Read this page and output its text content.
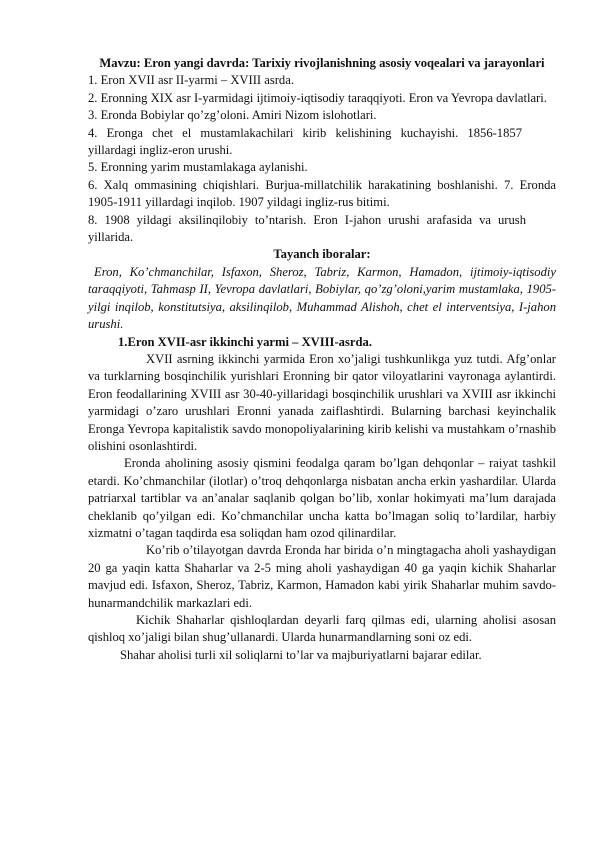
Mavzu: Eron yangi davrda: Tarixiy rivojlanishning asosiy voqealari va jarayonlari

1. Eron XVII asr II-yarmi – XVIII asrda.

2. Eronning XIX asr I-yarmidagi ijtimoiy-iqtisodiy taraqqiyoti. Eron va Yevropa davlatlari.

3. Eronda Bobiylar qo’zg’oloni. Amiri Nizom islohotlari.

4. Eronga chet el mustamlakachilari kirib kelishining kuchayishi. 1856-1857 yillardagi ingliz-eron urushi.

5. Eronning yarim mustamlakaga aylanishi.

6. Xalq ommasining chiqishlari. Burjua-millatchilik harakatining boshlanishi. 7. Eronda 1905-1911 yillardagi inqilob. 1907 yildagi ingliz-rus bitimi.

8. 1908 yildagi aksilinqilobiy to’ntarish. Eron I-jahon urushi arafasida va urush yillarida.

Tayanch iboralar:

Eron, Ko’chmanchilar, Isfaxon, Sheroz, Tabriz, Karmon, Hamadon, ijtimoiy-iqtisodiy taraqqiyoti, Tahmasp II, Yevropa davlatlari, Bobiylar, qo’zg’oloni,yarim mustamlaka, 1905-yilgi inqilob, konstitutsiya, aksilinqilob, Muhammad Alishoh, chet el interventsiya, I-jahon urushi.

1.Eron XVII-asr ikkinchi yarmi – XVIII-asrda.

XVII asrning ikkinchi yarmida Eron xo’jaligi tushkunlikga yuz tutdi. Afg’onlar va turklarning bosqinchilik yurishlari Eronning bir qator viloyatlarini vayronaga aylantirdi. Eron feodallarining XVIII asr 30-40-yillaridagi bosqinchilik urushlari va XVIII asr ikkinchi yarmidagi o’zaro urushlari Eronni yanada zaiflashtirdi. Bularning barchasi keyinchalik Eronga Yevropa kapitalistik savdo monopoliyalarining kirib kelishi va mustahkam o’rnashib olishini osonlashtirdi.

Eronda aholining asosiy qismini feodalga qaram bo’lgan dehqonlar – raiyat tashkil etardi. Ko’chmanchilar (ilotlar) o’troq dehqonlarga nisbatan ancha erkin yashardilar. Ularda patriarxal tartiblar va an’analar saqlanib qolgan bo’lib, xonlar hokimyati ma’lum darajada cheklanib qo’yilgan edi. Ko’chmanchilar uncha katta bo’lmagan soliq to’lardilar, harbiy xizmatni o’tagan taqdirda esa soliqdan ham ozod qilinardilar.

Ko’rib o’tilayotgan davrda Eronda har birida o’n mingtagacha aholi yashaydigan 20 ga yaqin katta Shaharlar va 2-5 ming aholi yashaydigan 40 ga yaqin kichik Shaharlar mavjud edi. Isfaxon, Sheroz, Tabriz, Karmon, Hamadon kabi yirik Shaharlar muhim savdo-hunarmandchilik markazlari edi.

Kichik Shaharlar qishloqlardan deyarli farq qilmas edi, ularning aholisi asosan qishloq xo’jaligi bilan shug’ullanardi. Ularda hunarmandlarning soni oz edi.

Shahar aholisi turli xil soliqlarni to’lar va majburiyatlarni bajarar edilar.
